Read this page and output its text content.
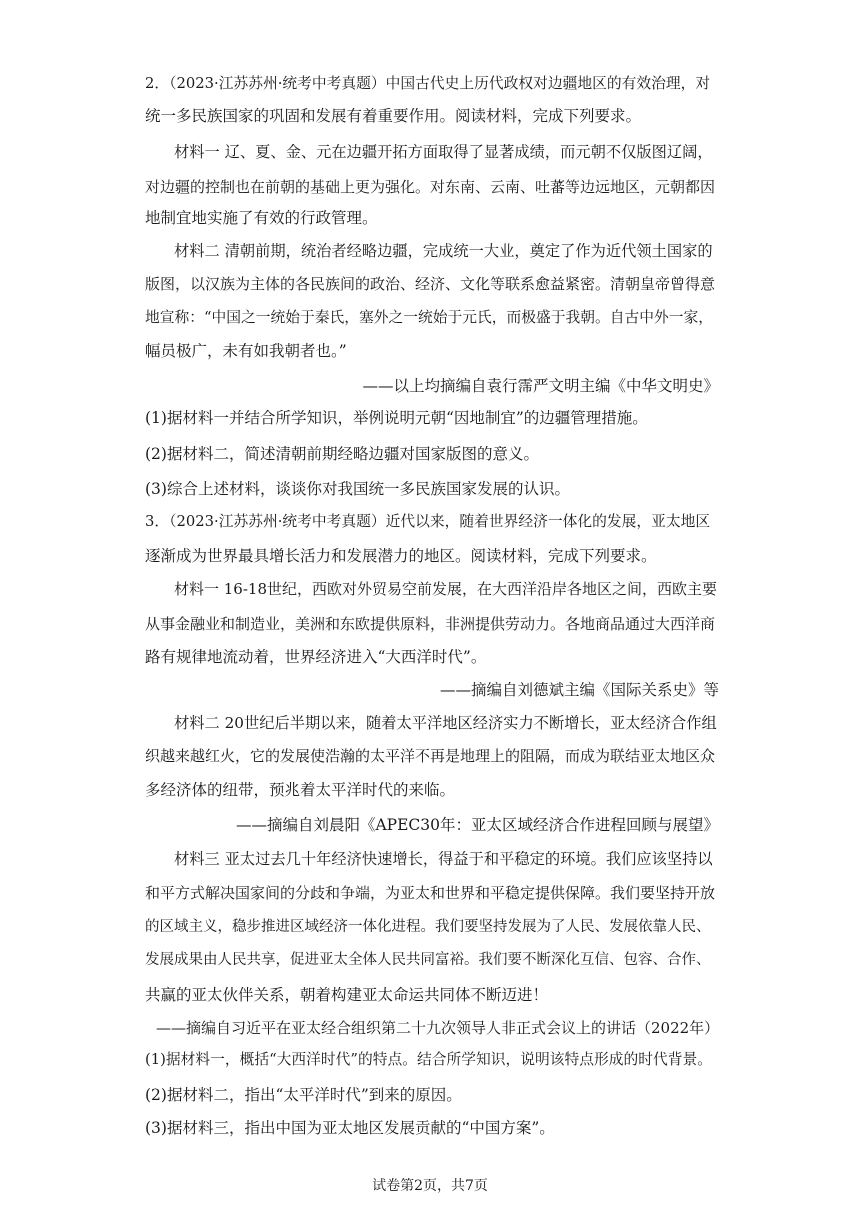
2．（2023·江苏苏州·统考中考真题）中国古代史上历代政权对边疆地区的有效治理，对
统一多民族国家的巩固和发展有着重要作用。阅读材料，完成下列要求。
材料一 辽、夏、金、元在边疆开拓方面取得了显著成绩，而元朝不仅版图辽阔，
对边疆的控制也在前朝的基础上更为强化。对东南、云南、吐蕃等边远地区，元朝都因
地制宜地实施了有效的行政管理。
材料二 清朝前期，统治者经略边疆，完成统一大业，奠定了作为近代领土国家的
版图，以汉族为主体的各民族间的政治、经济、文化等联系愈益紧密。清朝皇帝曾得意
地宣称：“中国之一统始于秦氏，塞外之一统始于元氏，而极盛于我朝。自古中外一家，
幅员极广，未有如我朝者也。”
——以上均摘编自袁行霈严文明主编《中华文明史》
(1)据材料一并结合所学知识，举例说明元朝“因地制宜”的边疆管理措施。
(2)据材料二，简述清朝前期经略边疆对国家版图的意义。
(3)综合上述材料，谈谈你对我国统一多民族国家发展的认识。
3．（2023·江苏苏州·统考中考真题）近代以来，随着世界经济一体化的发展，亚太地区
逐渐成为世界最具增长活力和发展潜力的地区。阅读材料，完成下列要求。
材料一 16-18世纪，西欧对外贸易空前发展，在大西洋沿岸各地区之间，西欧主要
从事金融业和制造业，美洲和东欧提供原料，非洲提供劳动力。各地商品通过大西洋商
路有规律地流动着，世界经济进入“大西洋时代”。
——摘编自刘德斌主编《国际关系史》等
材料二 20世纪后半期以来，随着太平洋地区经济实力不断增长，亚太经济合作组
织越来越红火，它的发展使浩瀚的太平洋不再是地理上的阻隔，而成为联结亚太地区众
多经济体的纽带，预兆着太平洋时代的来临。
——摘编自刘晨阳《APEC30年：亚太区域经济合作进程回顾与展望》
材料三 亚太过去几十年经济快速增长，得益于和平稳定的环境。我们应该坚持以
和平方式解决国家间的分歧和争端，为亚太和世界和平稳定提供保障。我们要坚持开放
的区域主义，稳步推进区域经济一体化进程。我们要坚持发展为了人民、发展依靠人民、
发展成果由人民共享，促进亚太全体人民共同富裕。我们要不断深化互信、包容、合作、
共赢的亚太伙伴关系，朝着构建亚太命运共同体不断迈进！
——摘编自习近平在亚太经合组织第二十九次领导人非正式会议上的讲话（2022年）
(1)据材料一，概括“大西洋时代”的特点。结合所学知识，说明该特点形成的时代背景。
(2)据材料二，指出“太平洋时代”到来的原因。
(3)据材料三，指出中国为亚太地区发展贡献的“中国方案”。
试卷第2页，共7页
